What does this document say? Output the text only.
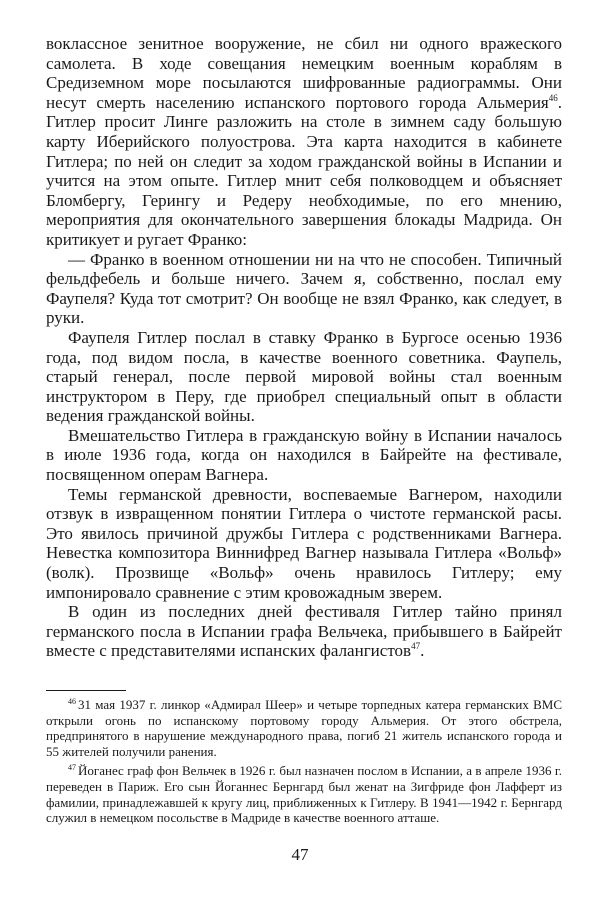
воклассное зенитное вооружение, не сбил ни одного вражеского самолета. В ходе совещания немецким военным кораблям в Средиземном море посылаются шифрованные радиограммы. Они несут смерть населению испанского портового города Альмерия$^{46}$. Гитлер просит Линге разложить на столе в зимнем саду большую карту Иберийского полуострова. Эта карта находится в кабинете Гитлера; по ней он следит за ходом гражданской войны в Испании и учится на этом опыте. Гитлер мнит себя полководцем и объясняет Бломбергу, Герингу и Редеру необходимые, по его мнению, мероприятия для окончательного завершения блокады Мадрида. Он критикует и ругает Франко:

— Франко в военном отношении ни на что не способен. Типичный фельдфебель и больше ничего. Зачем я, собственно, послал ему Фаупеля? Куда тот смотрит? Он вообще не взял Франко, как следует, в руки.

Фаупеля Гитлер послал в ставку Франко в Бургосе осенью 1936 года, под видом посла, в качестве военного советника. Фаупель, старый генерал, после первой мировой войны стал военным инструктором в Перу, где приобрел специальный опыт в области ведения гражданской войны.

Вмешательство Гитлера в гражданскую войну в Испании началось в июле 1936 года, когда он находился в Байрейте на фестивале, посвященном операм Вагнера.

Темы германской древности, воспеваемые Вагнером, находили отзвук в извращенном понятии Гитлера о чистоте германской расы. Это явилось причиной дружбы Гитлера с родственниками Вагнера. Невестка композитора Виннифред Вагнер называла Гитлера «Вольф» (волк). Прозвище «Вольф» очень нравилось Гитлеру; ему импонировало сравнение с этим кровожадным зверем.

В один из последних дней фестиваля Гитлер тайно принял германского посла в Испании графа Вельчека, прибывшего в Байрейт вместе с представителями испанских фалангистов$^{47}$.

$^{46}$ 31 мая 1937 г. линкор «Адмирал Шеер» и четыре торпедных катера германских ВМС открыли огонь по испанскому портовому городу Альмерия. От этого обстрела, предпринятого в нарушение международного права, погиб 21 житель испанского города и 55 жителей получили ранения.

$^{47}$ Йоганес граф фон Вельчек в 1926 г. был назначен послом в Испании, а в апреле 1936 г. переведен в Париж. Его сын Йоганнес Бернгард был женат на Зигфриде фон Лафферт из фамилии, принадлежавшей к кругу лиц, приближенных к Гитлеру. В 1941—1942 г. Бернгард служил в немецком посольстве в Мадриде в качестве военного атташе.

47
